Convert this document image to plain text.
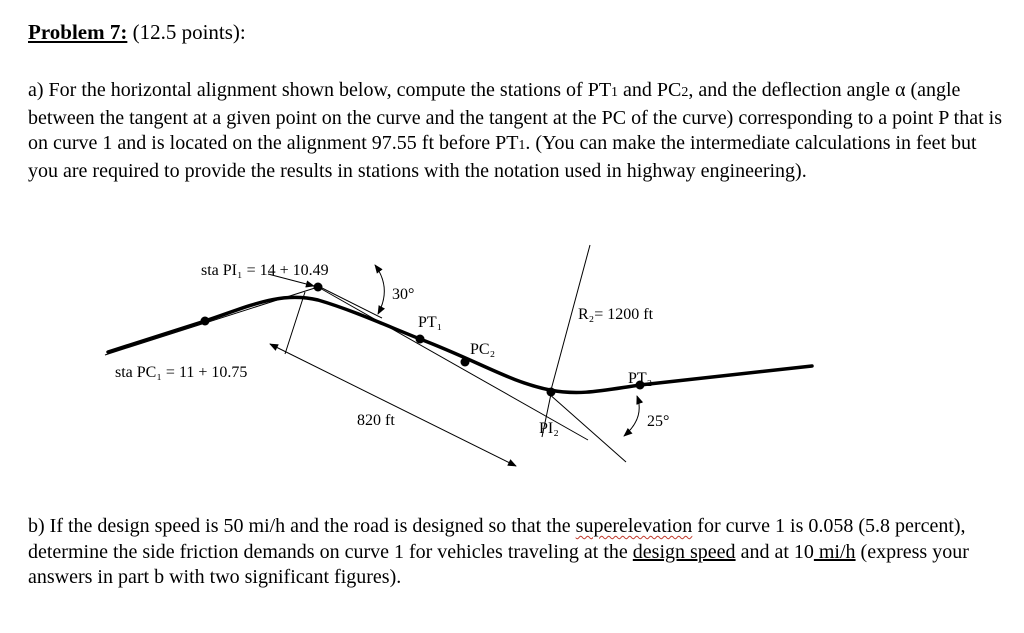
Problem 7: (12.5 points):

a) For the horizontal alignment shown below, compute the stations of PT1 and PC2, and the deflection angle α (angle between the tangent at a given point on the curve and the tangent at the PC of the curve) corresponding to a point P that is on curve 1 and is located on the alignment 97.55 ft before PT1. (You can make the intermediate calculations in feet but you are required to provide the results in stations with the notation used in highway engineering).

sta PI₁ = 14 + 10.49
sta PC₁ = 11 + 10.75
30°
PT₁
PC₂
R₂= 1200 ft
PT₂
820 ft	PI₂	25°

b) If the design speed is 50 mi/h and the road is designed so that the superelevation for curve 1 is 0.058 (5.8 percent), determine the side friction demands on curve 1 for vehicles traveling at the design speed and at 10 mi/h (express your answers in part b with two significant figures).
